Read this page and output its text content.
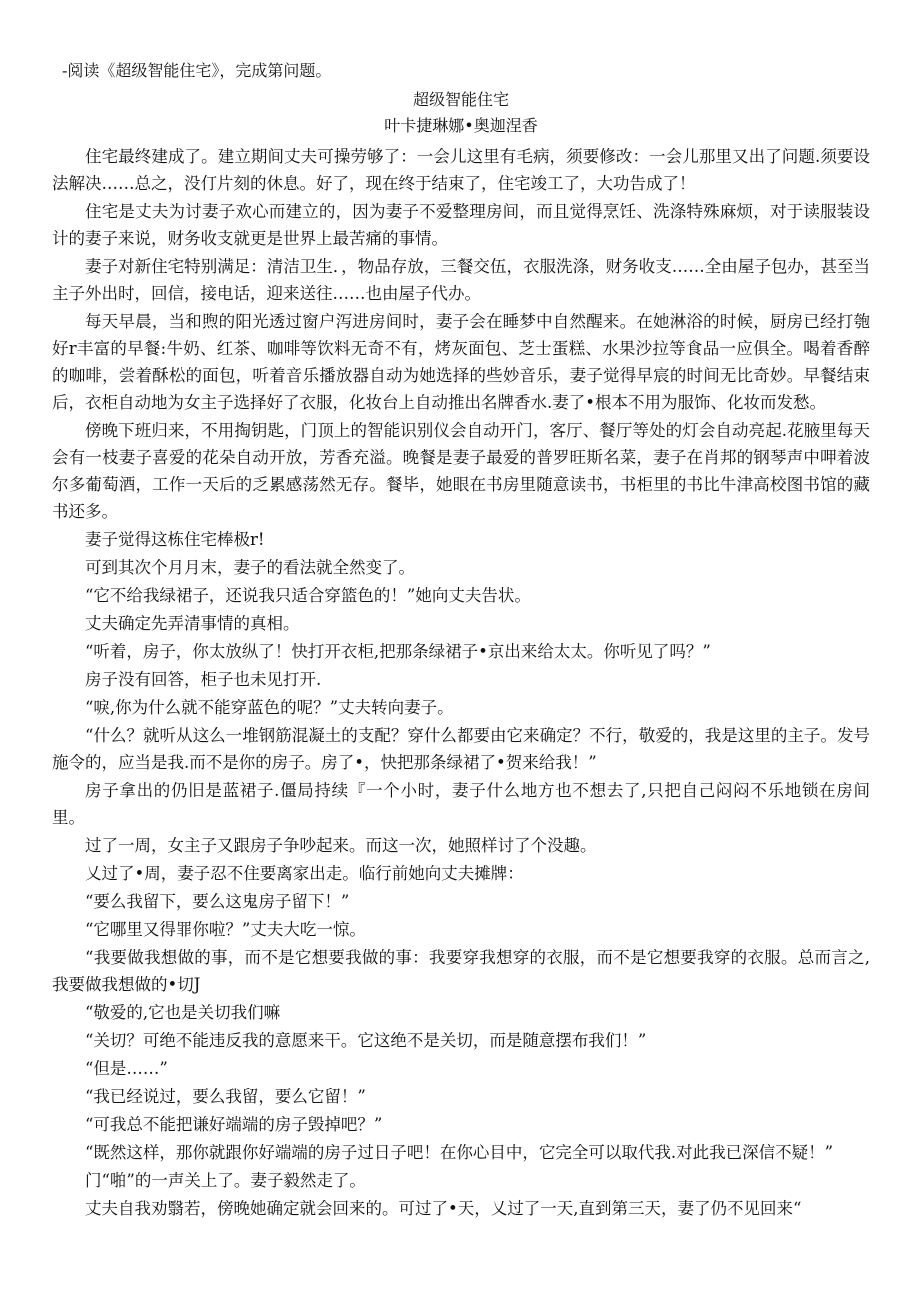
-阅读《超级智能住宅》，完成第问题。

超级智能住宅

叶卡捷琳娜•奥迦涅香

住宅最终建成了。建立期间丈夫可操劳够了：一会儿这里有毛病，须要修改：一会儿那里又出了问题.须要设法解决……总之，没仃片刻的休息。好了，现在终于结束了，住宅竣工了，大功告成了！

住宅是丈夫为讨妻子欢心而建立的，因为妻子不爱整理房间，而且觉得烹饪、洗涤特殊麻烦，对于读服装设计的妻子来说，财务收支就更是世界上最苦痛的事情。

妻子对新住宅特别满足：清洁卫生．，物品存放，三餐交伍，衣服洗涤，财务收支……全由屋子包办，甚至当主子外出时，回信，接电话，迎来送往……也由屋子代办。

每天早晨，当和煦的阳光透过窗户泻进房间时，妻子会在睡梦中自然醒来。在她淋浴的时候，厨房已经打匏好r丰富的早餐:牛奶、红茶、咖啡等饮料无奇不有，烤灰面包、芝士蛋糕、水果沙拉等食品一应俱全。喝着香醉的咖啡，尝着酥松的面包，听着音乐播放器自动为她选择的些妙音乐，妻子觉得早宸的时间无比奇妙。早餐结束后，衣柜自动地为女主子选择好了衣服，化妆台上自动推出名牌香水.妻了•根本不用为服饰、化妆而发愁。

傍晚下班归来，不用掏钥匙，门顶上的智能识别仪会自动开门，客厅、餐厅等处的灯会自动亮起.花腋里每天会有一枝妻子喜爱的花朵自动开放，芳香充溢。晚餐是妻子最爱的普罗旺斯名菜，妻子在肖邦的钢琴声中呷着波尔多葡萄酒，工作一天后的乏累感荡然无存。餐毕，她眼在书房里随意读书，书柜里的书比牛津高校图书馆的藏书还多。

妻子觉得这栋住宅棒极r!

可到其次个月月末，妻子的看法就全然变了。

“它不给我绿裙子，还说我只适合穿篮色的！”她向丈夫告状。

丈夫确定先弄清事情的真相。

“听着，房子，你太放纵了！快打开衣柜,把那条绿裙子•京出来给太太。你听见了吗？”

房子没有回答，柜子也未见打开.

“唳,你为什么就不能穿蓝色的呢？”丈夫转向妻子。

“什么？就听从这么一堆钢筋混凝土的支配？穿什么都要由它来确定？不行，敬爱的，我是这里的主子。发号施令的，应当是我.而不是你的房子。房了•，快把那条绿裙了•贺来给我！”

房子拿出的仍旧是蓝裙子.僵局持续『一个小时，妻子什么地方也不想去了,只把自己闷闷不乐地锁在房间里。

过了一周，女主子又跟房子争吵起来。而这一次，她照样讨了个没趣。

乂过了•周，妻子忍不住要离家出走。临行前她向丈夫摊牌：

“要么我留下，要么这鬼房子留下！”

“它哪里又得罪你啦？”丈夫大吃一惊。

“我要做我想做的事，而不是它想要我做的事：我要穿我想穿的衣服，而不是它想要我穿的衣服。总而言之,我要做我想做的•切J

“敬爱的,它也是关切我们嘛

“关切？可绝不能违反我的意愿来干。它这绝不是关切，而是随意摆布我们！”

“但是……”

“我已经说过，要么我留，要么它留！”

“可我总不能把谦好端端的房子毁掉吧？”

“既然这样，那你就跟你好端端的房子过日子吧！在你心目中，它完全可以取代我.对此我已深信不疑！”

门“啪”的一声关上了。妻子毅然走了。

丈夫自我劝翳若，傍晚她确定就会回来的。可过了•天，乂过了一天,直到第三天，妻了仍不见回来“
